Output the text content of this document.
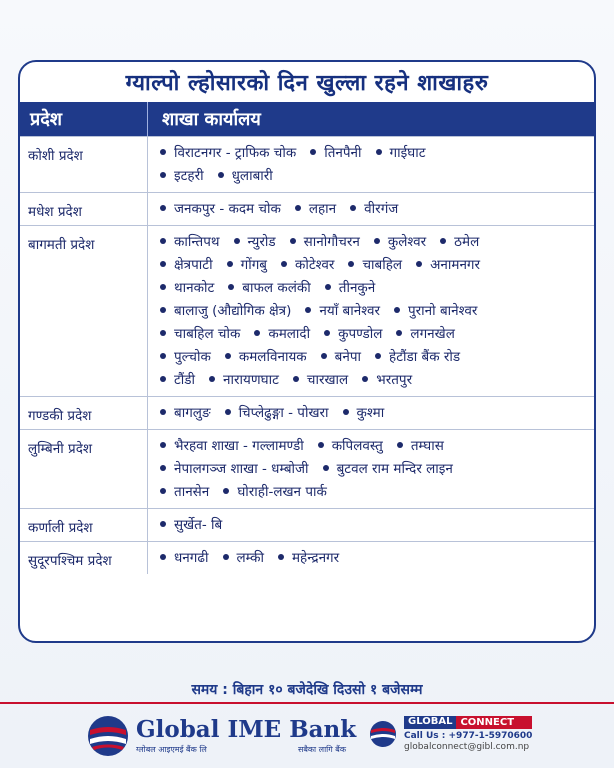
ग्याल्पो ल्होसारको दिन खुल्ला रहने शाखाहरु
प्रदेश	शाखा कार्यालय
कोशी प्रदेश	विराटनगर - ट्राफिक चोक तिनपैनी गाईघाट
इटहरी धुलाबारी
मधेश प्रदेश	जनकपुर - कदम चोक लहान वीरगंज
बागमती प्रदेश	कान्तिपथ न्युरोड सानोगौचरन कुलेश्वर ठमेल
क्षेत्रपाटी गोंगबु कोटेश्वर चाबहिल अनामनगर
थानकोट बाफल कलंकी तीनकुने
बालाजु (औद्योगिक क्षेत्र) नयाँ बानेश्वर पुरानो बानेश्वर
चाबहिल चोक कमलादी कुपण्डोल लगनखेल
पुल्चोक कमलविनायक बनेपा हेटौंडा बैंक रोड
टौंडी नारायणघाट चारखाल भरतपुर
गण्डकी प्रदेश	बागलुङ चिप्लेढुङ्गा - पोखरा कुश्मा
लुम्बिनी प्रदेश	भैरहवा शाखा - गल्लामण्डी कपिलवस्तु तम्घास
नेपालगञ्ज शाखा - धम्बोजी बुटवल राम मन्दिर लाइन
तानसेन घोराही-लखन पार्क
कर्णाली प्रदेश	सुर्खेत- बि
सुदूरपश्चिम प्रदेश	धनगढी लम्की महेन्द्रनगर
समय : बिहान १० बजेदेखि दिउसो १ बजेसम्म
Global IME Bank
ग्लोबल आइएमई बैंक लि	सबैका लागि बैंक
GLOBAL CONNECT
Call Us : +977-1-5970600
globalconnect@gibl.com.np
